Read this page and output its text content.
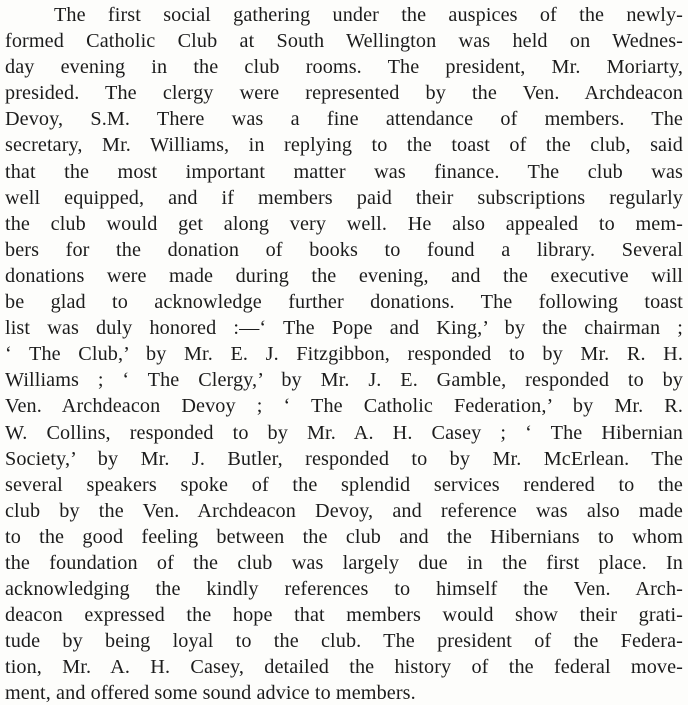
The first social gathering under the auspices of the newly-
formed Catholic Club at South Wellington was held on Wednes-
day evening in the club rooms. The president, Mr. Moriarty,
presided. The clergy were represented by the Ven. Archdeacon
Devoy, S.M. There was a fine attendance of members. The
secretary, Mr. Williams, in replying to the toast of the club, said
that the most important matter was finance. The club was
well equipped, and if members paid their subscriptions regularly
the club would get along very well. He also appealed to mem-
bers for the donation of books to found a library. Several
donations were made during the evening, and the executive will
be glad to acknowledge further donations. The following toast
list was duly honored :—‘ The Pope and King,’ by the chairman ;
‘ The Club,’ by Mr. E. J. Fitzgibbon, responded to by Mr. R. H.
Williams ; ‘ The Clergy,’ by Mr. J. E. Gamble, responded to by
Ven. Archdeacon Devoy ; ‘ The Catholic Federation,’ by Mr. R.
W. Collins, responded to by Mr. A. H. Casey ; ‘ The Hibernian
Society,’ by Mr. J. Butler, responded to by Mr. McErlean. The
several speakers spoke of the splendid services rendered to the
club by the Ven. Archdeacon Devoy, and reference was also made
to the good feeling between the club and the Hibernians to whom
the foundation of the club was largely due in the first place. In
acknowledging the kindly references to himself the Ven. Arch-
deacon expressed the hope that members would show their grati-
tude by being loyal to the club. The president of the Federa-
tion, Mr. A. H. Casey, detailed the history of the federal move-
ment, and offered some sound advice to members.
